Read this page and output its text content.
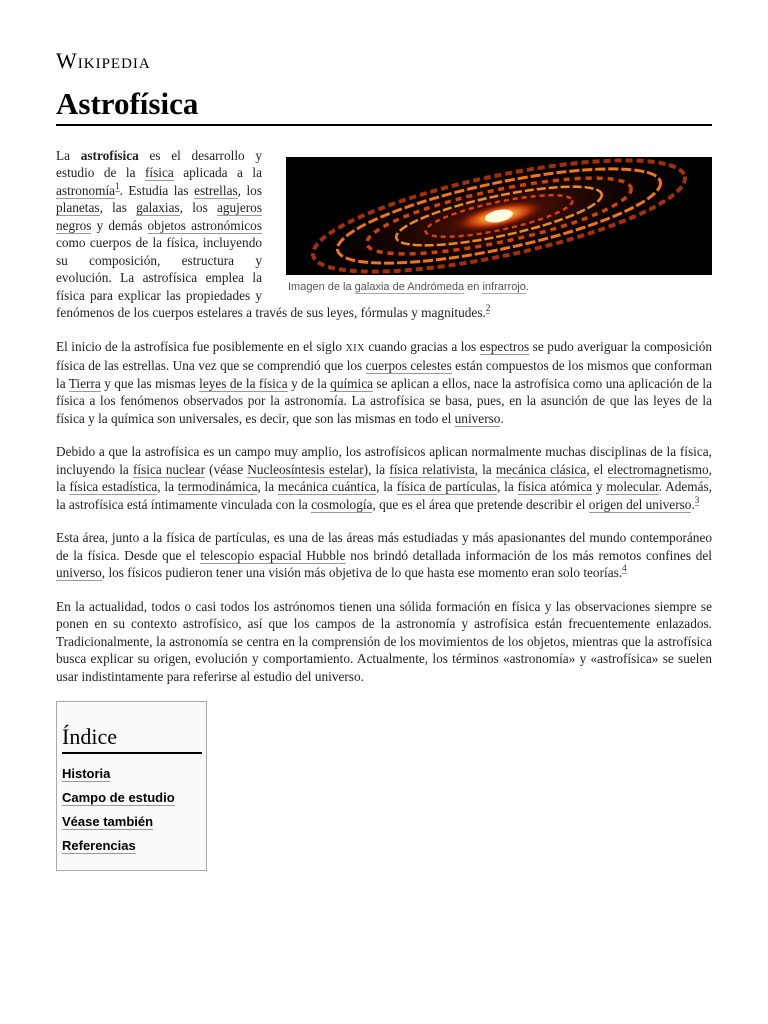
Wikipedia
Astrofísica

Imagen de la galaxia de Andrómeda en infrarrojo.
La astrofísica es el desarrollo y estudio de la física aplicada a la astronomía$^1$. Estudia las estrellas, los planetas, las galaxias, los agujeros negros y demás objetos astronómicos como cuerpos de la física, incluyendo su composición, estructura y evolución. La astrofísica emplea la física para explicar las propiedades y fenómenos de los cuerpos estelares a través de sus leyes, fórmulas y magnitudes.$^2$

El inicio de la astrofísica fue posiblemente en el siglo XIX cuando gracias a los espectros se pudo averiguar la composición física de las estrellas. Una vez que se comprendió que los cuerpos celestes están compuestos de los mismos que conforman la Tierra y que las mismas leyes de la física y de la química se aplican a ellos, nace la astrofísica como una aplicación de la física a los fenómenos observados por la astronomía. La astrofísica se basa, pues, en la asunción de que las leyes de la física y la química son universales, es decir, que son las mismas en todo el universo.

Debido a que la astrofísica es un campo muy amplio, los astrofísicos aplican normalmente muchas disciplinas de la física, incluyendo la física nuclear (véase Nucleosíntesis estelar), la física relativista, la mecánica clásica, el electromagnetismo, la física estadística, la termodinámica, la mecánica cuántica, la física de partículas, la física atómica y molecular. Además, la astrofísica está íntimamente vinculada con la cosmología, que es el área que pretende describir el origen del universo.$^3$

Esta área, junto a la física de partículas, es una de las áreas más estudiadas y más apasionantes del mundo contemporáneo de la física. Desde que el telescopio espacial Hubble nos brindó detallada información de los más remotos confines del universo, los físicos pudieron tener una visión más objetiva de lo que hasta ese momento eran solo teorías.$^4$

En la actualidad, todos o casi todos los astrónomos tienen una sólida formación en física y las observaciones siempre se ponen en su contexto astrofísico, así que los campos de la astronomía y astrofísica están frecuentemente enlazados. Tradicionalmente, la astronomía se centra en la comprensión de los movimientos de los objetos, mientras que la astrofísica busca explicar su origen, evolución y comportamiento. Actualmente, los términos «astronomía» y «astrofísica» se suelen usar indistintamente para referirse al estudio del universo.

Índice
Historia
Campo de estudio
Véase también
Referencias
